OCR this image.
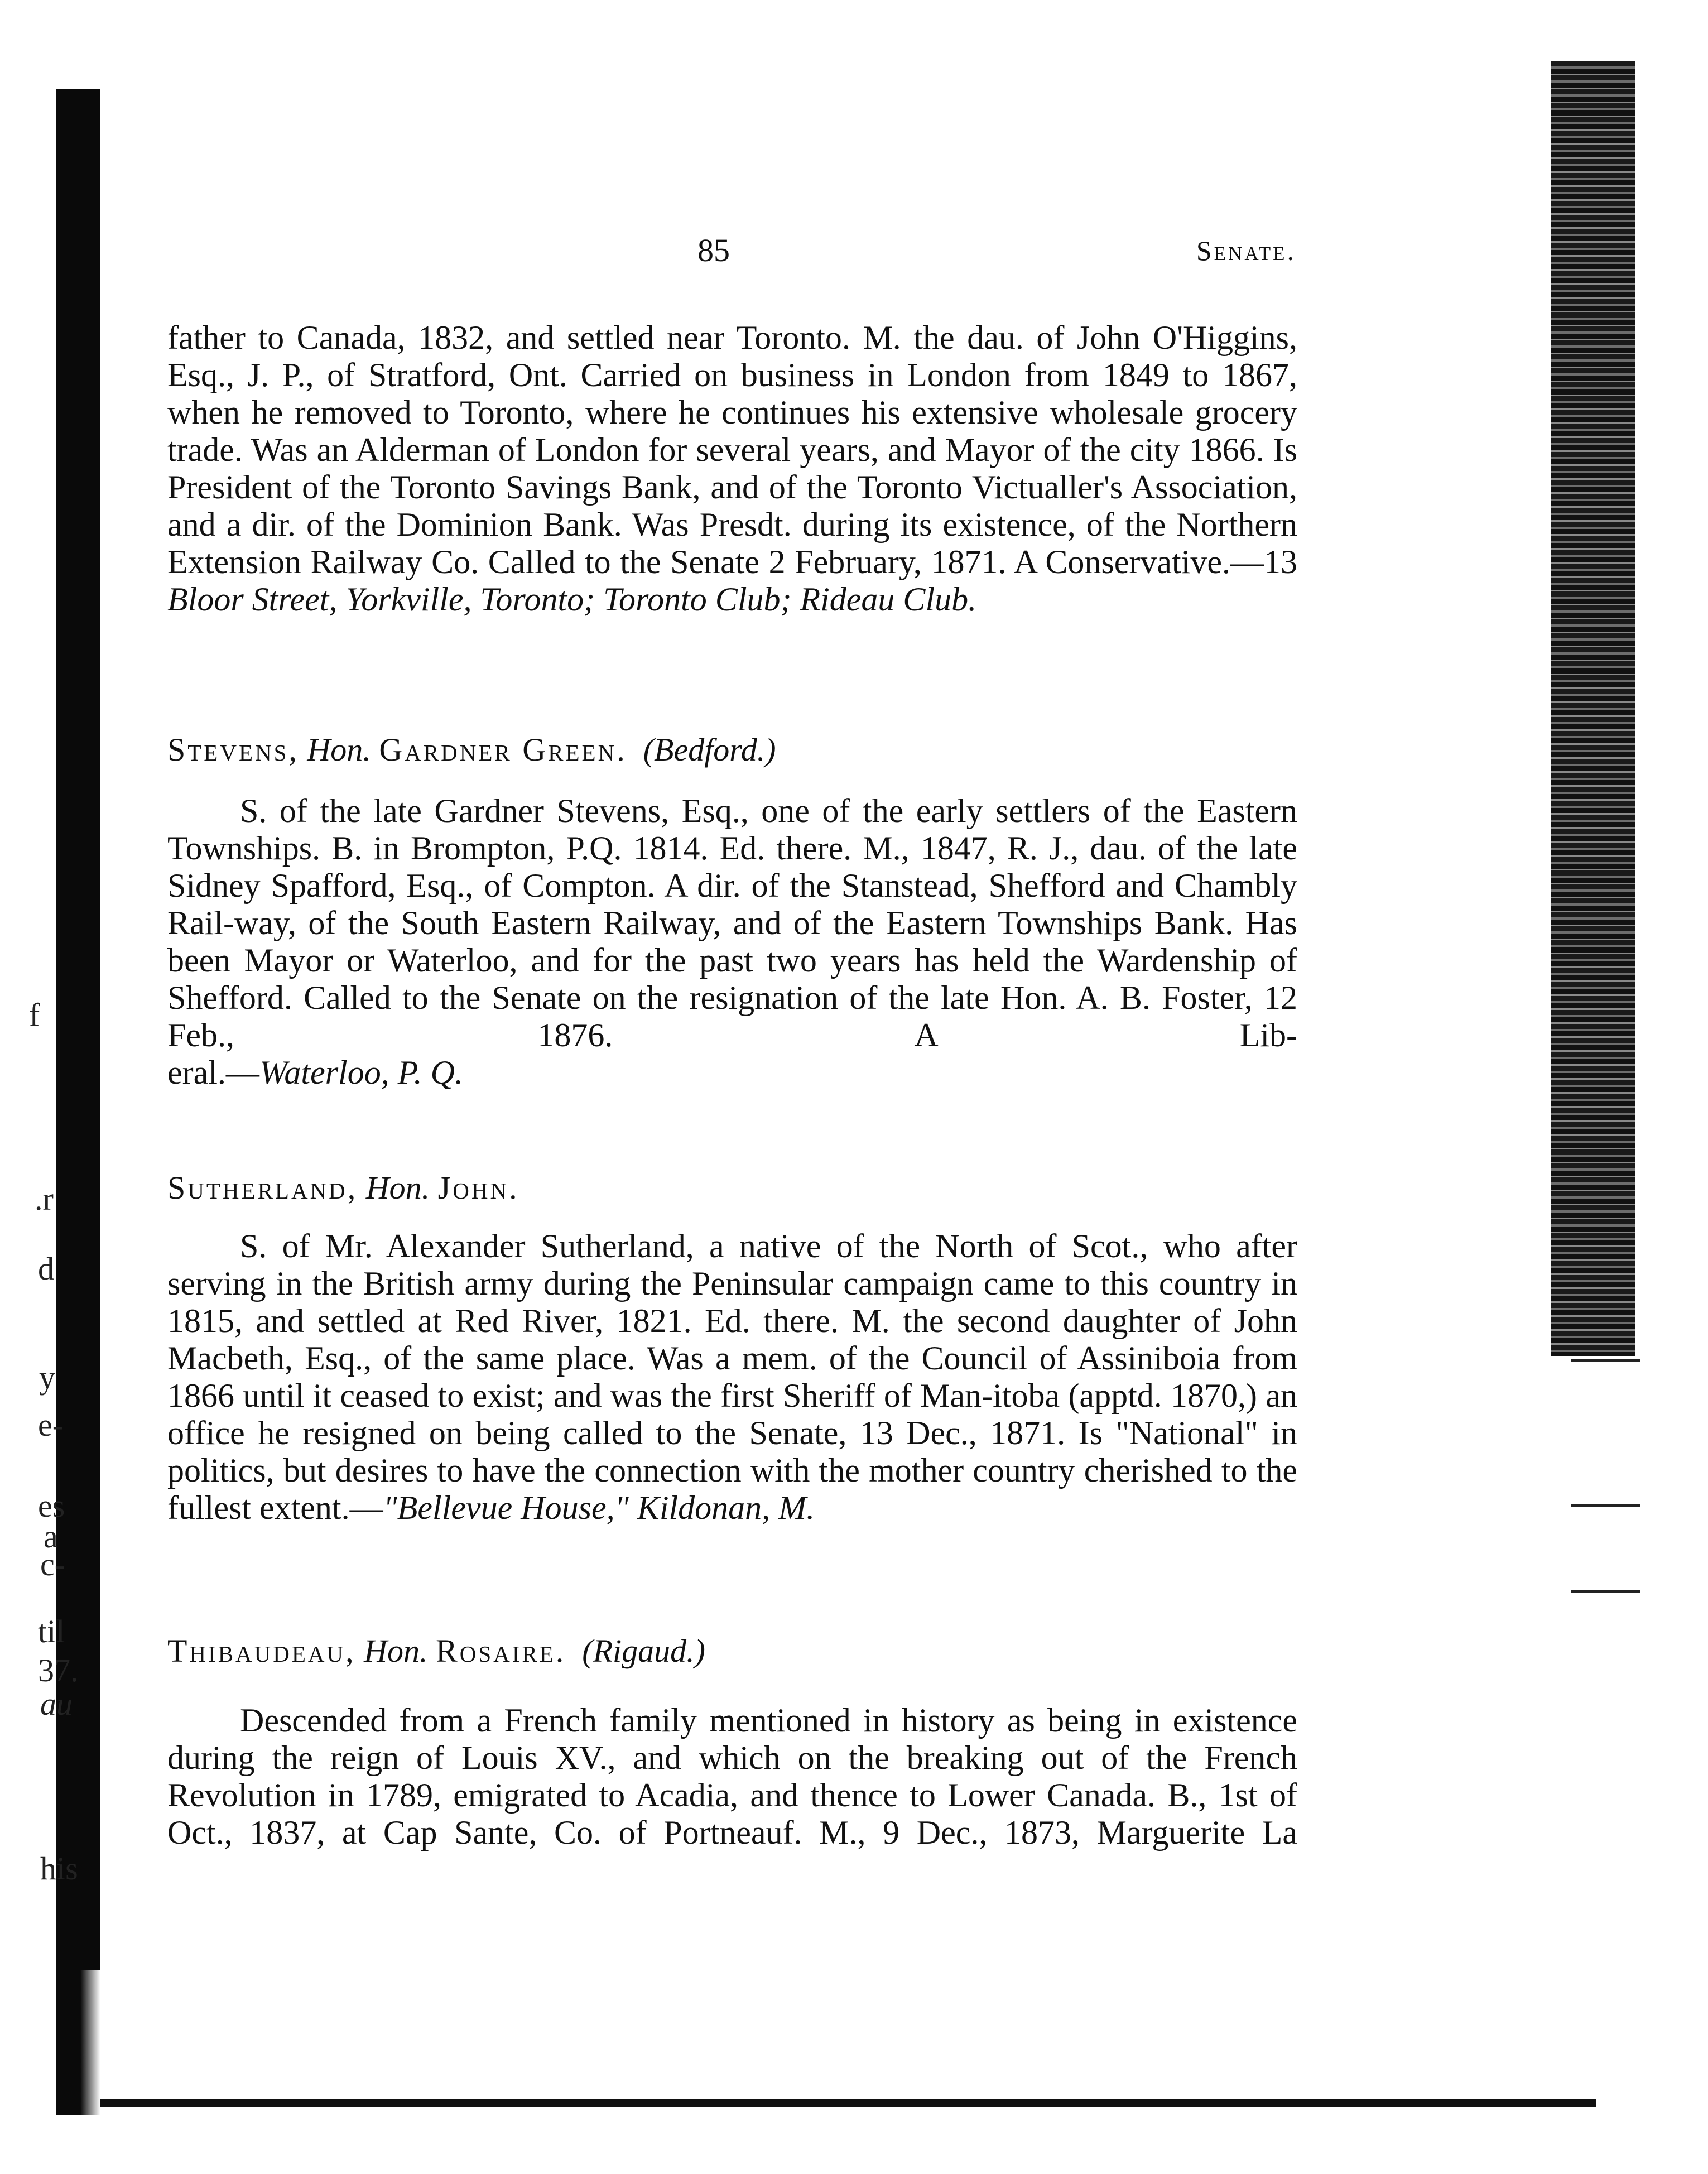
f
.r
d
y
e-
es
a
c-
til
37.
au
his
85	Senate.
father to Canada, 1832, and settled near Toronto. M. the dau. of John O'Higgins, Esq., J. P., of Stratford, Ont. Carried on business in London from 1849 to 1867, when he removed to Toronto, where he continues his extensive wholesale grocery trade. Was an Alderman of London for several years, and Mayor of the city 1866. Is President of the Toronto Savings Bank, and of the Toronto Victualler's Association, and a dir. of the Dominion Bank. Was Presdt. during its existence, of the Northern Extension Railway Co. Called to the Senate 2 February, 1871. A Conservative.—13
Bloor Street, Yorkville, Toronto; Toronto Club; Rideau Club.
Stevens, Hon. Gardner Green. (Bedford.)
S. of the late Gardner Stevens, Esq., one of the early settlers of the Eastern Townships. B. in Brompton, P.Q. 1814. Ed. there. M., 1847, R. J., dau. of the late Sidney Spafford, Esq., of Compton. A dir. of the Stanstead, Shefford and Chambly Rail-way, of the South Eastern Railway, and of the Eastern Townships Bank. Has been Mayor or Waterloo, and for the past two years has held the Wardenship of Shefford. Called to the Senate on the resignation of the late Hon. A. B. Foster, 12 Feb., 1876. A Lib-
eral.—Waterloo, P. Q.
Sutherland, Hon. John.
S. of Mr. Alexander Sutherland, a native of the North of Scot., who after serving in the British army during the Peninsular campaign came to this country in 1815, and settled at Red River, 1821. Ed. there. M. the second daughter of John Macbeth, Esq., of the same place. Was a mem. of the Council of Assiniboia from 1866 until it ceased to exist; and was the first Sheriff of Man-itoba (apptd. 1870,) an office he resigned on being called to the Senate, 13 Dec., 1871. Is "National" in politics, but desires to have the connection with the mother country cherished to the
fullest extent.—"Bellevue House," Kildonan, M.
Thibaudeau, Hon. Rosaire. (Rigaud.)
Descended from a French family mentioned in history as being in existence during the reign of Louis XV., and which on the breaking out of the French Revolution in 1789, emigrated to Acadia, and thence to Lower Canada. B., 1st of Oct., 1837, at Cap Sante, Co. of Portneauf. M., 9 Dec., 1873, Marguerite La
